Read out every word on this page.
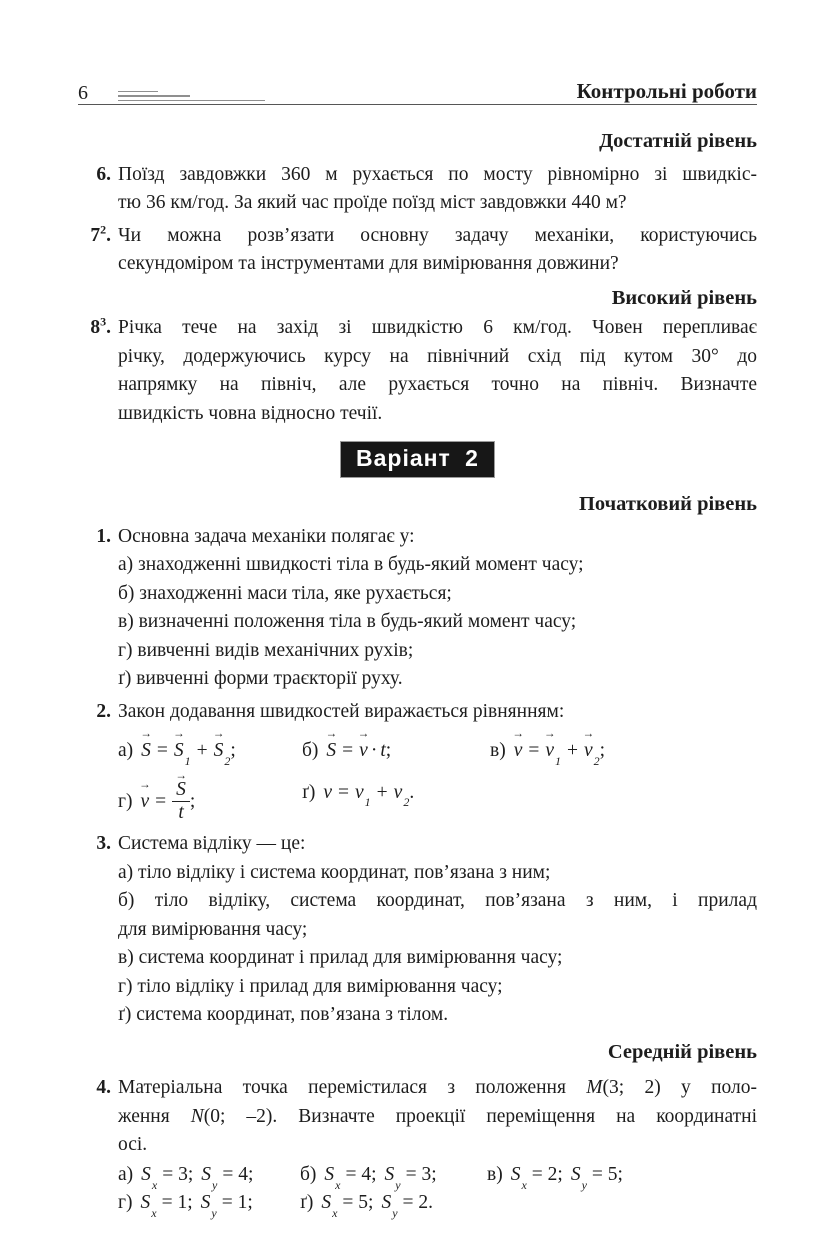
6	Контрольні роботи
Достатній рівень
6. Поїзд завдовжки 360 м рухається по мосту рівномірно зі швидкіс-
тю 36 км/год. За який час проїде поїзд міст завдовжки 440 м?
$7^2$. Чи можна розв’язати основну задачу механіки, користуючись
секундоміром та інструментами для вимірювання довжини?
Високий рівень
$8^3$. Річка тече на захід зі швидкістю 6 км/год. Човен перепливає
річку, додержуючись курсу на північний схід під кутом 30° до
напрямку на північ, але рухається точно на північ. Визначте
швидкість човна відносно течії.
Варіант 2
Початковий рівень
1. Основна задача механіки полягає у:
а) знаходженні швидкості тіла в будь-який момент часу;
б) знаходженні маси тіла, яке рухається;
в) визначенні положення тіла в будь-який момент часу;
г) вивченні видів механічних рухів;
ґ) вивченні форми траєкторії руху.
2. Закон додавання швидкостей виражається рівнянням:
а) → S = → $S_1$ + → $S_2$;	б) → S = → v · t;	в) → v = → $v_1$ + → $v_2$;
г) → v = → $\frac{S}{t}$ ;	ґ) $v = v_1 + v_2$.
3. Система відліку — це:
а) тіло відліку і система координат, пов’язана з ним;
б) тіло відліку, система координат, пов’язана з ним, і прилад
для вимірювання часу;
в) система координат і прилад для вимірювання часу;
г) тіло відліку і прилад для вимірювання часу;
ґ) система координат, пов’язана з тілом.
Середній рівень
4. Матеріальна точка перемістилася з положення M(3; 2) у поло-
ження N(0; –2). Визначте проекції переміщення на координатні
осі.
а) $S_x = 3$; $S_y = 4$;	б) $S_x = 4$; $S_y = 3$;	в) $S_x = 2$; $S_y = 5$;
г) $S_x = 1$; $S_y = 1$;	ґ) $S_x = 5$; $S_y = 2$.
